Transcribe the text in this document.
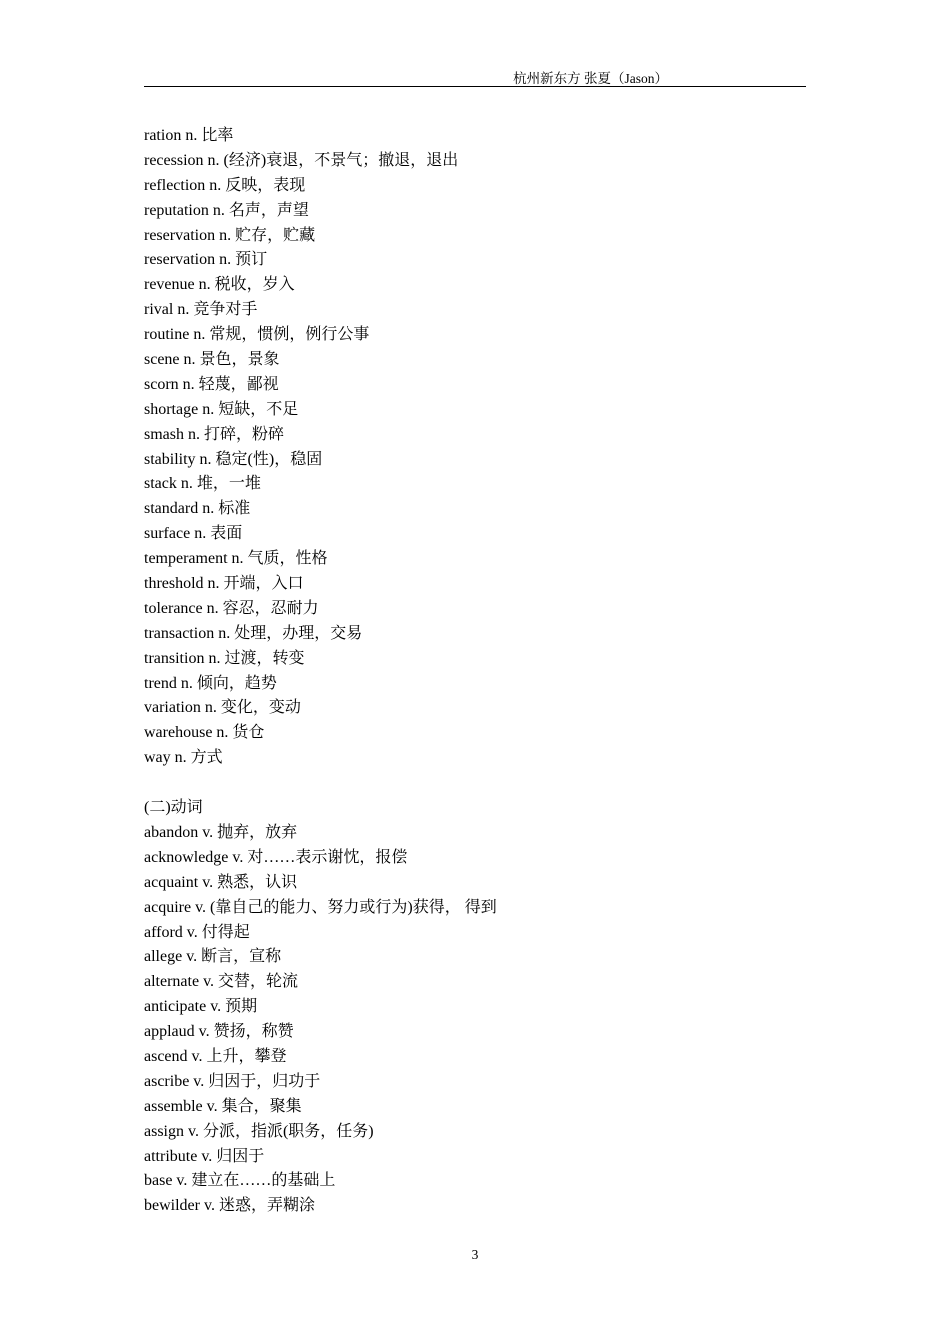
杭州新东方 张夏（Jason）
ration n. 比率
recession n. (经济)衰退，不景气；撤退，退出
reflection n. 反映，表现
reputation n. 名声，声望
reservation n. 贮存，贮藏
reservation n. 预订
revenue n. 税收，岁入
rival n. 竞争对手
routine n. 常规，惯例，例行公事
scene n. 景色，景象
scorn n. 轻蔑，鄙视
shortage n. 短缺，不足
smash n. 打碎，粉碎
stability n. 稳定(性)，稳固
stack n. 堆，一堆
standard n. 标准
surface n. 表面
temperament n. 气质，性格
threshold n. 开端，入口
tolerance n. 容忍，忍耐力
transaction n. 处理，办理，交易
transition n. 过渡，转变
trend n. 倾向，趋势
variation n. 变化，变动
warehouse n. 货仓
way n. 方式
(二)动词
abandon v. 抛弃，放弃
acknowledge v. 对……表示谢忱，报偿
acquaint v. 熟悉，认识
acquire v. (靠自己的能力、努力或行为)获得， 得到
afford v. 付得起
allege v. 断言，宣称
alternate v. 交替，轮流
anticipate v. 预期
applaud v. 赞扬，称赞
ascend v. 上升，攀登
ascribe v. 归因于，归功于
assemble v. 集合，聚集
assign v. 分派，指派(职务，任务)
attribute v. 归因于
base v. 建立在……的基础上
bewilder v. 迷惑，弄糊涂
3
